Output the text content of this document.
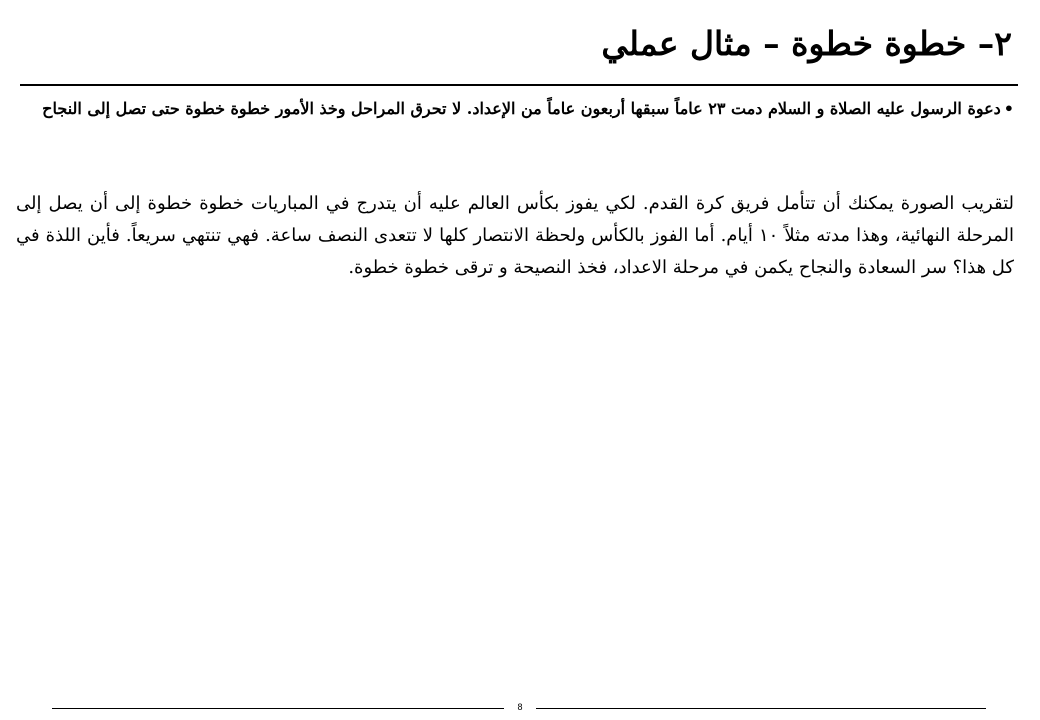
٢– خطوة خطوة – مثال عملي
•دعوة الرسول عليه الصلاة و السلام دمت ٢٣ عاماً سبقها أربعون عاماً من الإعداد. لا تحرق المراحل وخذ الأمور خطوة خطوة حتى تصل إلى النجاح
لتقريب الصورة يمكنك أن تتأمل فريق كرة القدم. لكي يفوز بكأس العالم عليه أن يتدرج في المباريات خطوة خطوة إلى أن يصل إلى المرحلة النهائية، وهذا مدته مثلاً ١٠ أيام. أما الفوز بالكأس ولحظة الانتصار كلها لا تتعدى النصف ساعة. فهي تنتهي سريعاً. فأين اللذة في كل هذا؟ سر السعادة والنجاح يكمن في مرحلة الاعداد، فخذ النصيحة و ترقى خطوة خطوة.
8
